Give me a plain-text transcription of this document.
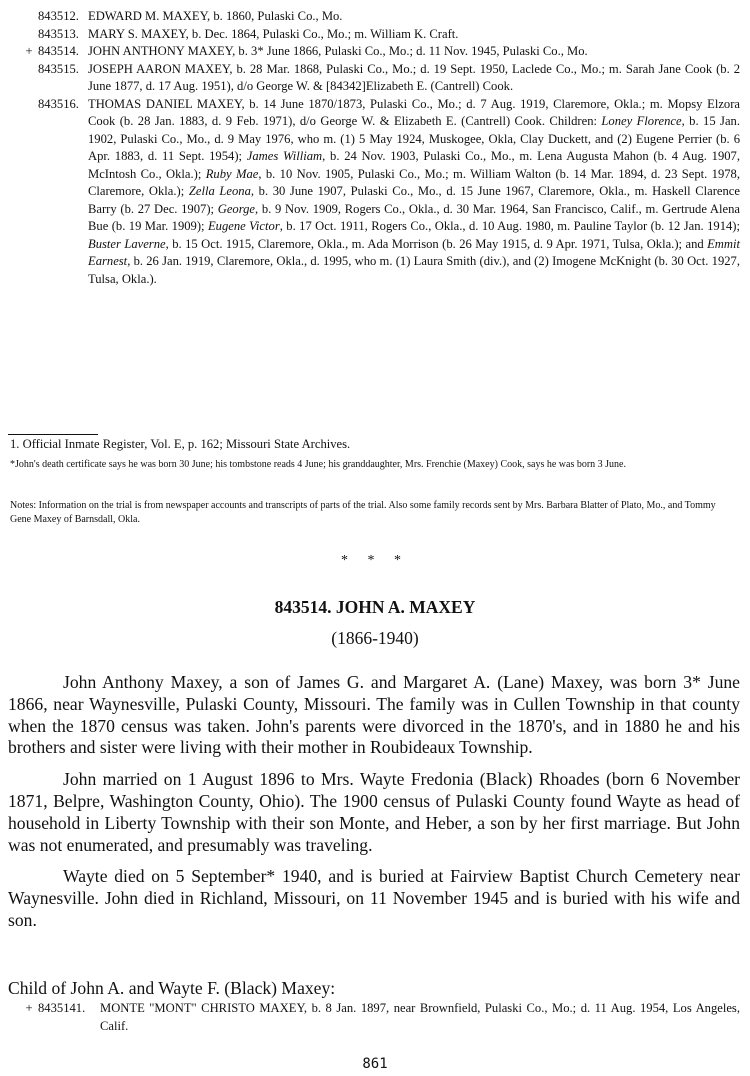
843512. EDWARD M. MAXEY, b. 1860, Pulaski Co., Mo.
843513. MARY S. MAXEY, b. Dec. 1864, Pulaski Co., Mo.; m. William K. Craft.
+ 843514. JOHN ANTHONY MAXEY, b. 3* June 1866, Pulaski Co., Mo.; d. 11 Nov. 1945, Pulaski Co., Mo.
843515. JOSEPH AARON MAXEY, b. 28 Mar. 1868, Pulaski Co., Mo.; d. 19 Sept. 1950, Laclede Co., Mo.; m. Sarah Jane Cook (b. 2 June 1877, d. 17 Aug. 1951), d/o George W. & [84342]Elizabeth E. (Cantrell) Cook.
843516. THOMAS DANIEL MAXEY, b. 14 June 1870/1873, Pulaski Co., Mo.; d. 7 Aug. 1919, Claremore, Okla.; m. Mopsy Elzora Cook (b. 28 Jan. 1883, d. 9 Feb. 1971), d/o George W. & Elizabeth E. (Cantrell) Cook. Children: Loney Florence, b. 15 Jan. 1902, Pulaski Co., Mo., d. 9 May 1976, who m. (1) 5 May 1924, Muskogee, Okla, Clay Duckett, and (2) Eugene Perrier (b. 6 Apr. 1883, d. 11 Sept. 1954); James William, b. 24 Nov. 1903, Pulaski Co., Mo., m. Lena Augusta Mahon (b. 4 Aug. 1907, McIntosh Co., Okla.); Ruby Mae, b. 10 Nov. 1905, Pulaski Co., Mo.; m. William Walton (b. 14 Mar. 1894, d. 23 Sept. 1978, Claremore, Okla.); Zella Leona, b. 30 June 1907, Pulaski Co., Mo., d. 15 June 1967, Claremore, Okla., m. Haskell Clarence Barry (b. 27 Dec. 1907); George, b. 9 Nov. 1909, Rogers Co., Okla., d. 30 Mar. 1964, San Francisco, Calif., m. Gertrude Alena Bue (b. 19 Mar. 1909); Eugene Victor, b. 17 Oct. 1911, Rogers Co., Okla., d. 10 Aug. 1980, m. Pauline Taylor (b. 12 Jan. 1914); Buster Laverne, b. 15 Oct. 1915, Claremore, Okla., m. Ada Morrison (b. 26 May 1915, d. 9 Apr. 1971, Tulsa, Okla.); and Emmit Earnest, b. 26 Jan. 1919, Claremore, Okla., d. 1995, who m. (1) Laura Smith (div.), and (2) Imogene McKnight (b. 30 Oct. 1927, Tulsa, Okla.).
1. Official Inmate Register, Vol. E, p. 162; Missouri State Archives.
*John's death certificate says he was born 30 June; his tombstone reads 4 June; his granddaughter, Mrs. Frenchie (Maxey) Cook, says he was born 3 June.
Notes: Information on the trial is from newspaper accounts and transcripts of parts of the trial. Also some family records sent by Mrs. Barbara Blatter of Plato, Mo., and Tommy Gene Maxey of Barnsdall, Okla.
* * *
843514. JOHN A. MAXEY
(1866-1940)

John Anthony Maxey, a son of James G. and Margaret A. (Lane) Maxey, was born 3* June 1866, near Waynesville, Pulaski County, Missouri. The family was in Cullen Township in that county when the 1870 census was taken. John's parents were divorced in the 1870's, and in 1880 he and his brothers and sister were living with their mother in Roubideaux Township.

John married on 1 August 1896 to Mrs. Wayte Fredonia (Black) Rhoades (born 6 November 1871, Belpre, Washington County, Ohio). The 1900 census of Pulaski County found Wayte as head of household in Liberty Township with their son Monte, and Heber, a son by her first marriage. But John was not enumerated, and presumably was traveling.

Wayte died on 5 September* 1940, and is buried at Fairview Baptist Church Cemetery near Waynesville. John died in Richland, Missouri, on 11 November 1945 and is buried with his wife and son.

Child of John A. and Wayte F. (Black) Maxey:
+ 8435141.	MONTE "MONT" CHRISTO MAXEY, b. 8 Jan. 1897, near Brownfield, Pulaski Co., Mo.; d. 11 Aug. 1954, Los Angeles, Calif.
861
